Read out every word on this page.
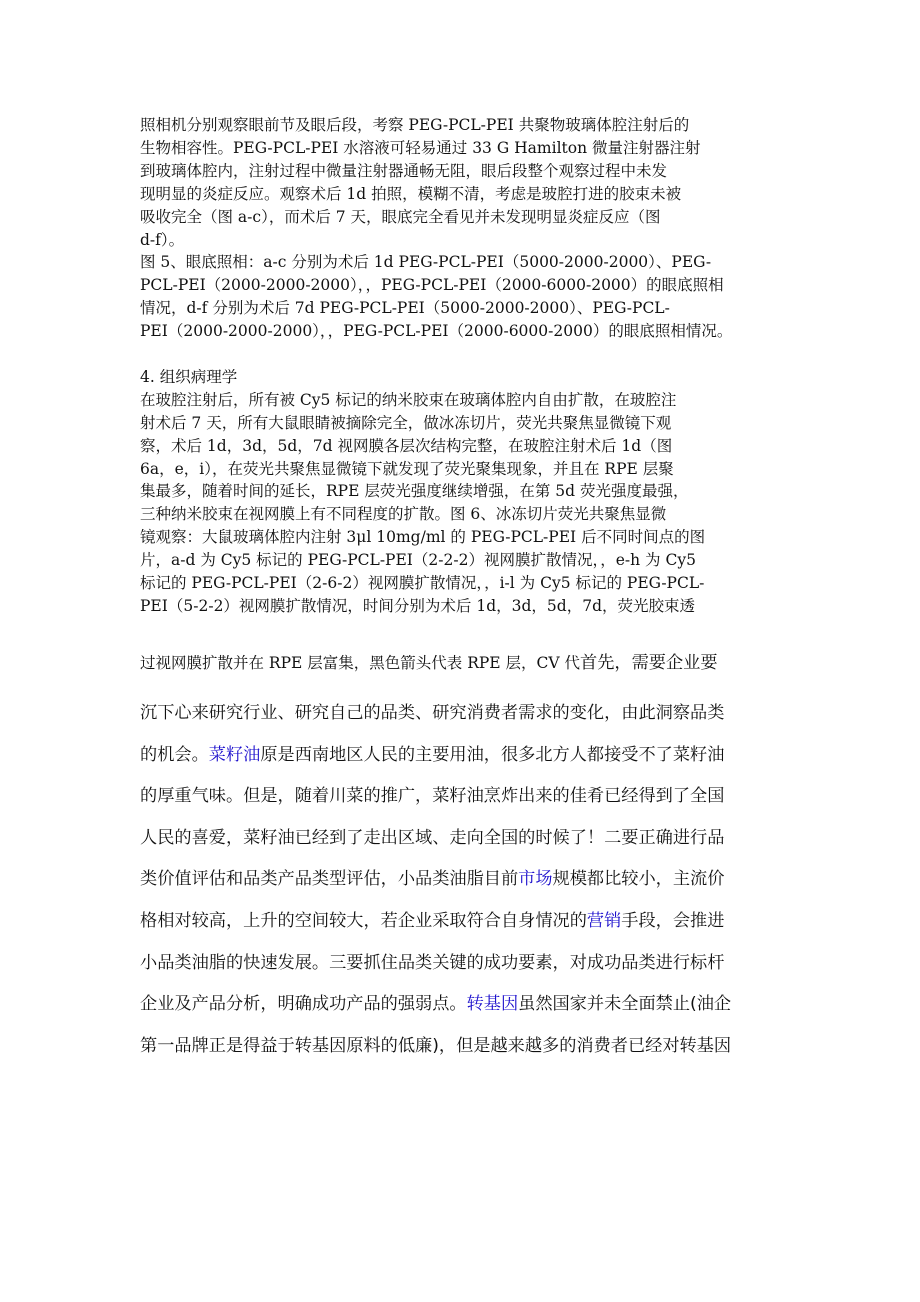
照相机分别观察眼前节及眼后段，考察 PEG-PCL-PEI 共聚物玻璃体腔注射后的
生物相容性。PEG-PCL-PEI 水溶液可轻易通过 33 G Hamilton 微量注射器注射
到玻璃体腔内，注射过程中微量注射器通畅无阻，眼后段整个观察过程中未发
现明显的炎症反应。观察术后 1d 拍照，模糊不清，考虑是玻腔打进的胶束未被
吸收完全（图 a-c），而术后 7 天，眼底完全看见并未发现明显炎症反应（图
d-f）。
图 5、眼底照相：a-c 分别为术后 1d PEG-PCL-PEI（5000-2000-2000）、PEG-
PCL-PEI（2000-2000-2000），，PEG-PCL-PEI（2000-6000-2000）的眼底照相
情况，d-f 分别为术后 7d PEG-PCL-PEI（5000-2000-2000）、PEG-PCL-
PEI（2000-2000-2000），，PEG-PCL-PEI（2000-6000-2000）的眼底照相情况。
4. 组织病理学
在玻腔注射后，所有被 Cy5 标记的纳米胶束在玻璃体腔内自由扩散，在玻腔注
射术后 7 天，所有大鼠眼睛被摘除完全，做冰冻切片，荧光共聚焦显微镜下观
察，术后 1d，3d，5d，7d 视网膜各层次结构完整，在玻腔注射术后 1d（图
6a，e，i），在荧光共聚焦显微镜下就发现了荧光聚集现象，并且在 RPE 层聚
集最多，随着时间的延长，RPE 层荧光强度继续增强，在第 5d 荧光强度最强，
三种纳米胶束在视网膜上有不同程度的扩散。图 6、冰冻切片荧光共聚焦显微
镜观察：大鼠玻璃体腔内注射 3μl 10mg/ml 的 PEG-PCL-PEI 后不同时间点的图
片，a-d 为 Cy5 标记的 PEG-PCL-PEI（2-2-2）视网膜扩散情况，，e-h 为 Cy5
标记的 PEG-PCL-PEI（2-6-2）视网膜扩散情况，，i-l 为 Cy5 标记的 PEG-PCL-
PEI（5-2-2）视网膜扩散情况，时间分别为术后 1d，3d，5d，7d，荧光胶束透
过视网膜扩散并在 RPE 层富集，黑色箭头代表 RPE 层，CV 代首先，需要企业要
沉下心来研究行业、研究自己的品类、研究消费者需求的变化，由此洞察品类
的机会。菜籽油原是西南地区人民的主要用油，很多北方人都接受不了菜籽油
的厚重气味。但是，随着川菜的推广，菜籽油烹炸出来的佳肴已经得到了全国
人民的喜爱，菜籽油已经到了走出区域、走向全国的时候了！二要正确进行品
类价值评估和品类产品类型评估，小品类油脂目前市场规模都比较小，主流价
格相对较高，上升的空间较大，若企业采取符合自身情况的营销手段，会推进
小品类油脂的快速发展。三要抓住品类关键的成功要素，对成功品类进行标杆
企业及产品分析，明确成功产品的强弱点。转基因虽然国家并未全面禁止(油企
第一品牌正是得益于转基因原料的低廉)，但是越来越多的消费者已经对转基因
